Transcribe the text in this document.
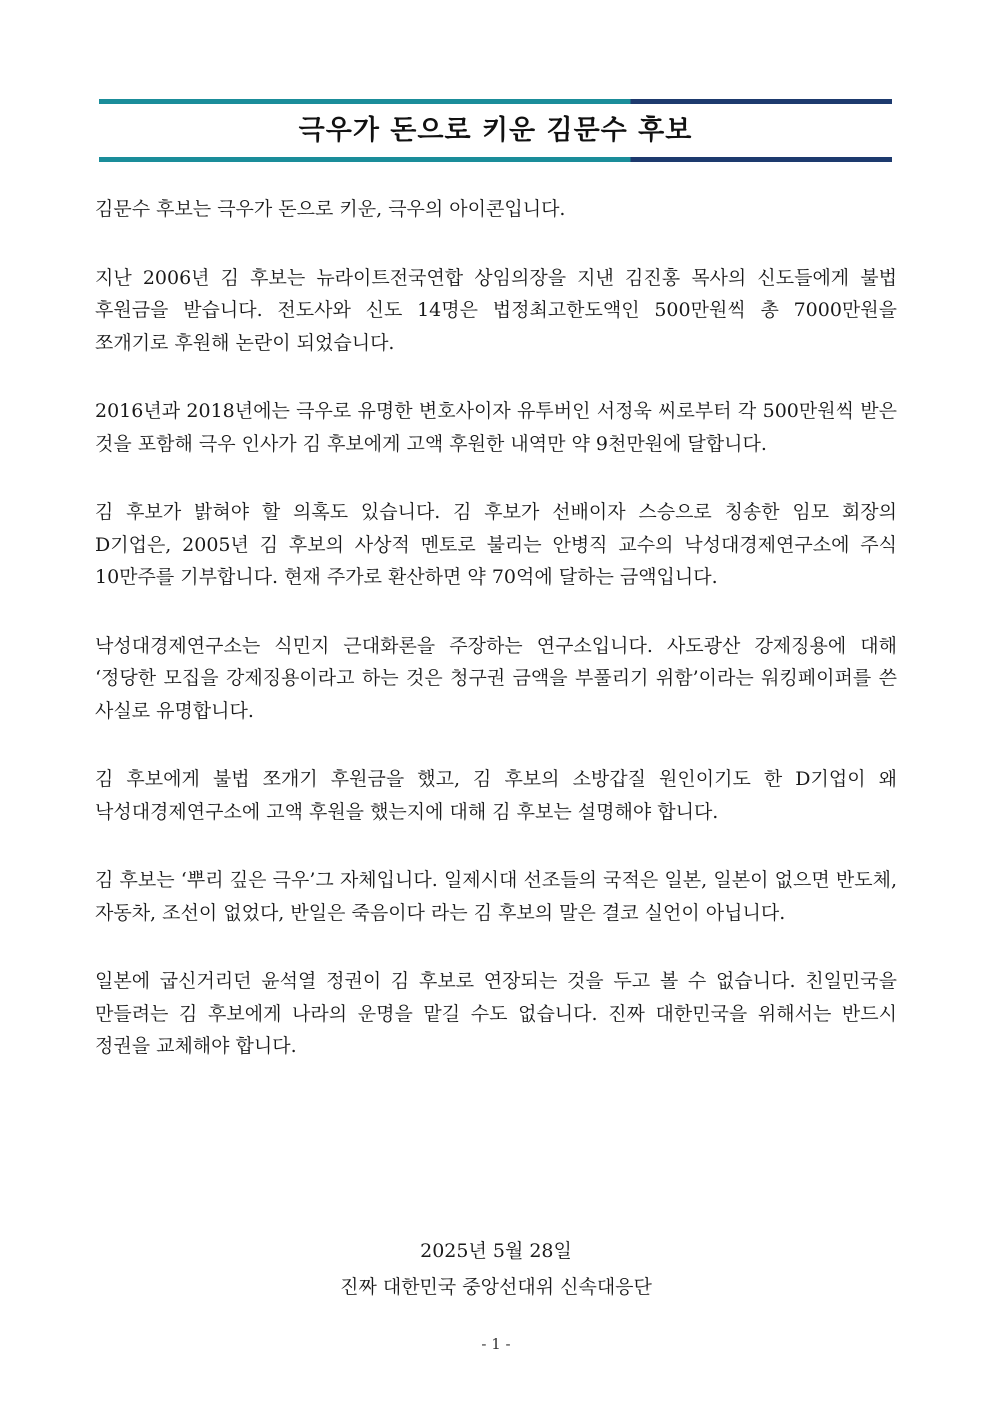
극우가 돈으로 키운 김문수 후보

김문수 후보는 극우가 돈으로 키운, 극우의 아이콘입니다.

지난 2006년 김 후보는 뉴라이트전국연합 상임의장을 지낸 김진홍 목사의 신도들에게 불법 후원금을 받습니다. 전도사와 신도 14명은 법정최고한도액인 500만원씩 총 7000만원을 쪼개기로 후원해 논란이 되었습니다.

2016년과 2018년에는 극우로 유명한 변호사이자 유투버인 서정욱 씨로부터 각 500만원씩 받은 것을 포함해 극우 인사가 김 후보에게 고액 후원한 내역만 약 9천만원에 달합니다.

김 후보가 밝혀야 할 의혹도 있습니다. 김 후보가 선배이자 스승으로 칭송한 임모 회장의 D기업은, 2005년 김 후보의 사상적 멘토로 불리는 안병직 교수의 낙성대경제연구소에 주식 10만주를 기부합니다. 현재 주가로 환산하면 약 70억에 달하는 금액입니다.

낙성대경제연구소는 식민지 근대화론을 주장하는 연구소입니다. 사도광산 강제징용에 대해 ‘정당한 모집을 강제징용이라고 하는 것은 청구권 금액을 부풀리기 위함’이라는 워킹페이퍼를 쓴 사실로 유명합니다.

김 후보에게 불법 쪼개기 후원금을 했고, 김 후보의 소방갑질 원인이기도 한 D기업이 왜 낙성대경제연구소에 고액 후원을 했는지에 대해 김 후보는 설명해야 합니다.

김 후보는 ‘뿌리 깊은 극우’그 자체입니다. 일제시대 선조들의 국적은 일본, 일본이 없으면 반도체, 자동차, 조선이 없었다, 반일은 죽음이다 라는 김 후보의 말은 결코 실언이 아닙니다.

일본에 굽신거리던 윤석열 정권이 김 후보로 연장되는 것을 두고 볼 수 없습니다. 친일민국을 만들려는 김 후보에게 나라의 운명을 맡길 수도 없습니다. 진짜 대한민국을 위해서는 반드시 정권을 교체해야 합니다.

2025년 5월 28일
진짜 대한민국 중앙선대위 신속대응단
- 1 -
